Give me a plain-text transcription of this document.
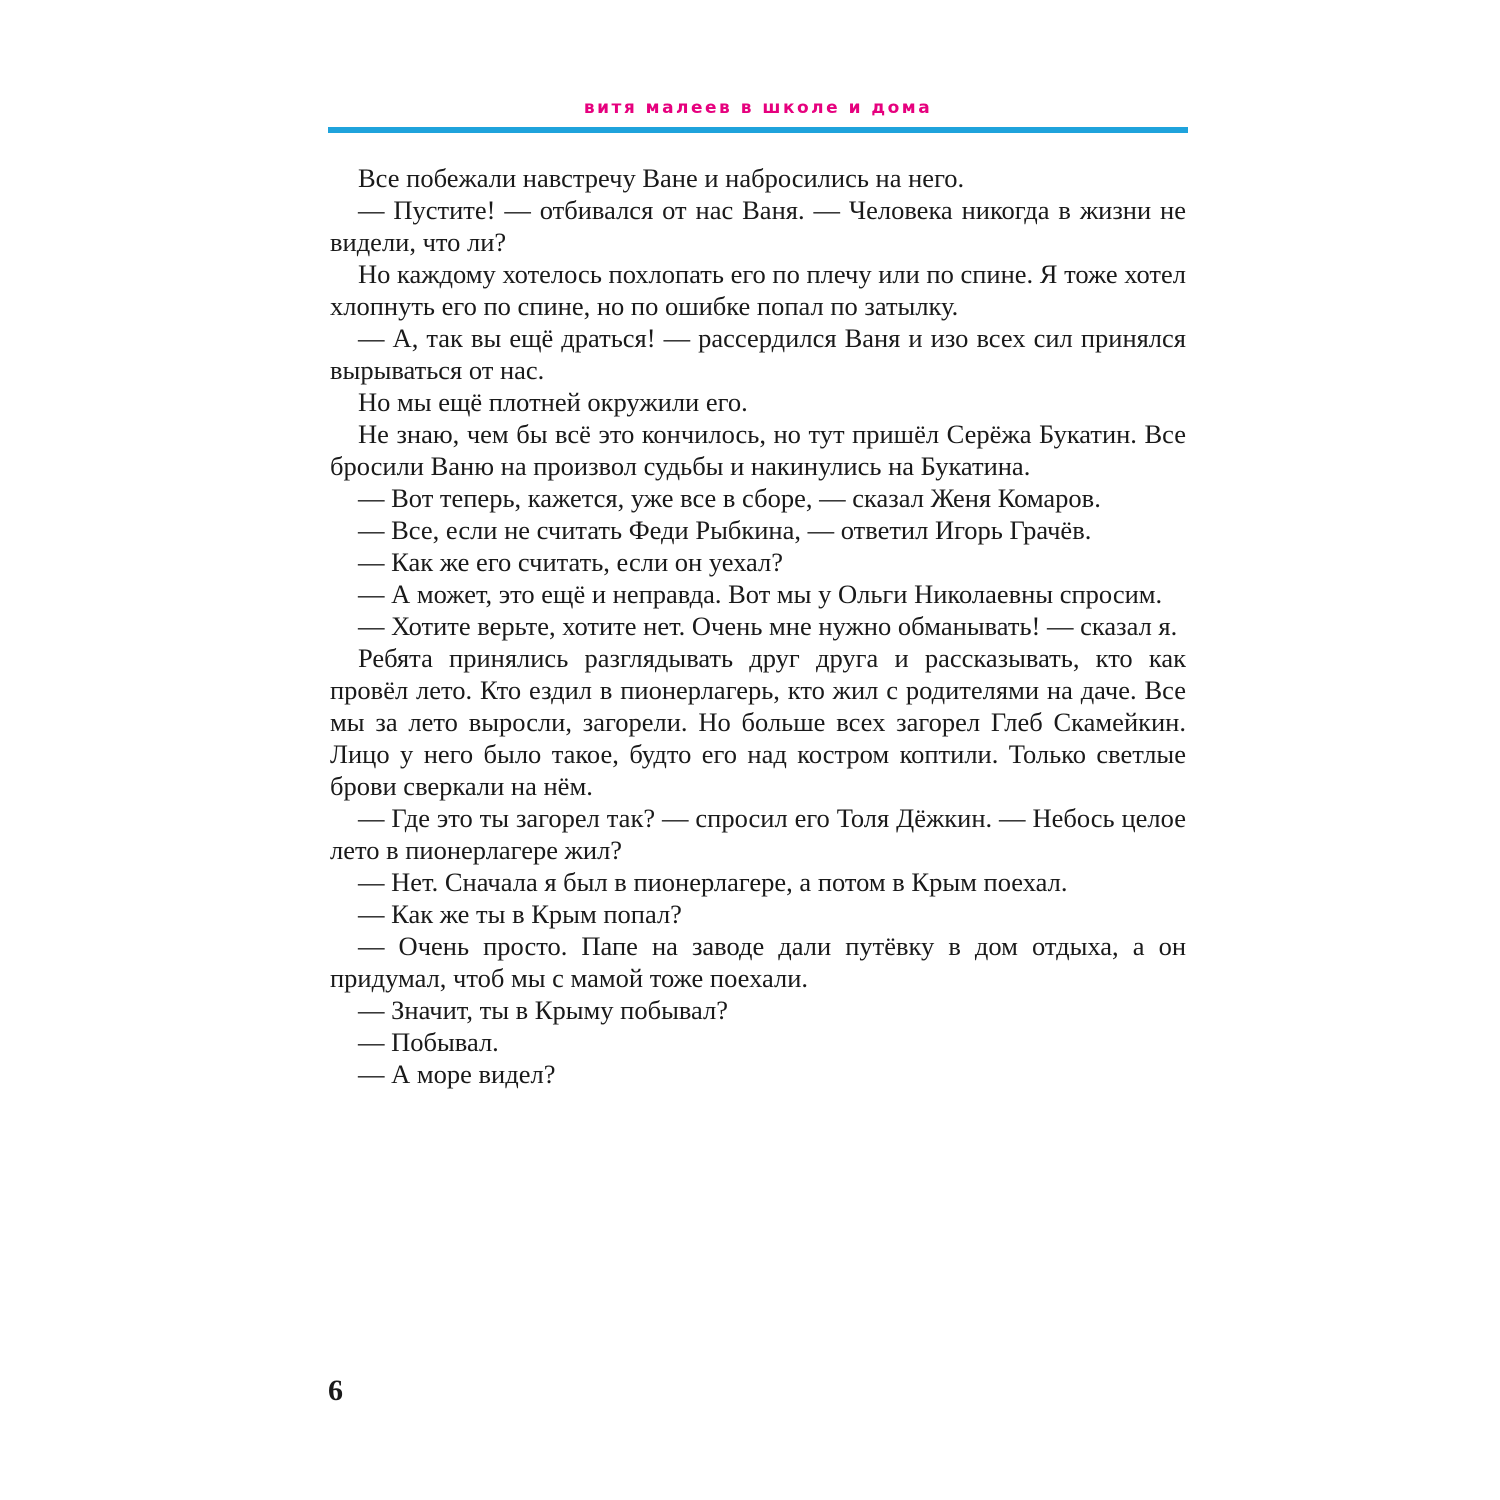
витя малеев в школе и дома

Все побежали навстречу Ване и набросились на него.

— Пустите! — отбивался от нас Ваня. — Человека никогда в жизни не видели, что ли?

Но каждому хотелось похлопать его по плечу или по спине. Я тоже хотел хлопнуть его по спине, но по ошибке попал по затылку.

— А, так вы ещё драться! — рассердился Ваня и изо всех сил принялся вырываться от нас.

Но мы ещё плотней окружили его.

Не знаю, чем бы всё это кончилось, но тут пришёл Серёжа Букатин. Все бросили Ваню на произвол судьбы и накинулись на Букатина.

— Вот теперь, кажется, уже все в сборе, — сказал Женя Комаров.

— Все, если не считать Феди Рыбкина, — ответил Игорь Грачёв.

— Как же его считать, если он уехал?

— А может, это ещё и неправда. Вот мы у Ольги Николаевны спросим.

— Хотите верьте, хотите нет. Очень мне нужно обманывать! — сказал я.

Ребята принялись разглядывать друг друга и рассказывать, кто как провёл лето. Кто ездил в пионерлагерь, кто жил с родителями на даче. Все мы за лето выросли, загорели. Но больше всех загорел Глеб Скамейкин. Лицо у него было такое, будто его над костром коптили. Только светлые брови сверкали на нём.

— Где это ты загорел так? — спросил его Толя Дёжкин. — Небось целое лето в пионерлагере жил?

— Нет. Сначала я был в пионерлагере, а потом в Крым поехал.

— Как же ты в Крым попал?

— Очень просто. Папе на заводе дали путёвку в дом отдыха, а он придумал, чтоб мы с мамой тоже поехали.

— Значит, ты в Крыму побывал?

— Побывал.

— А море видел?

6
